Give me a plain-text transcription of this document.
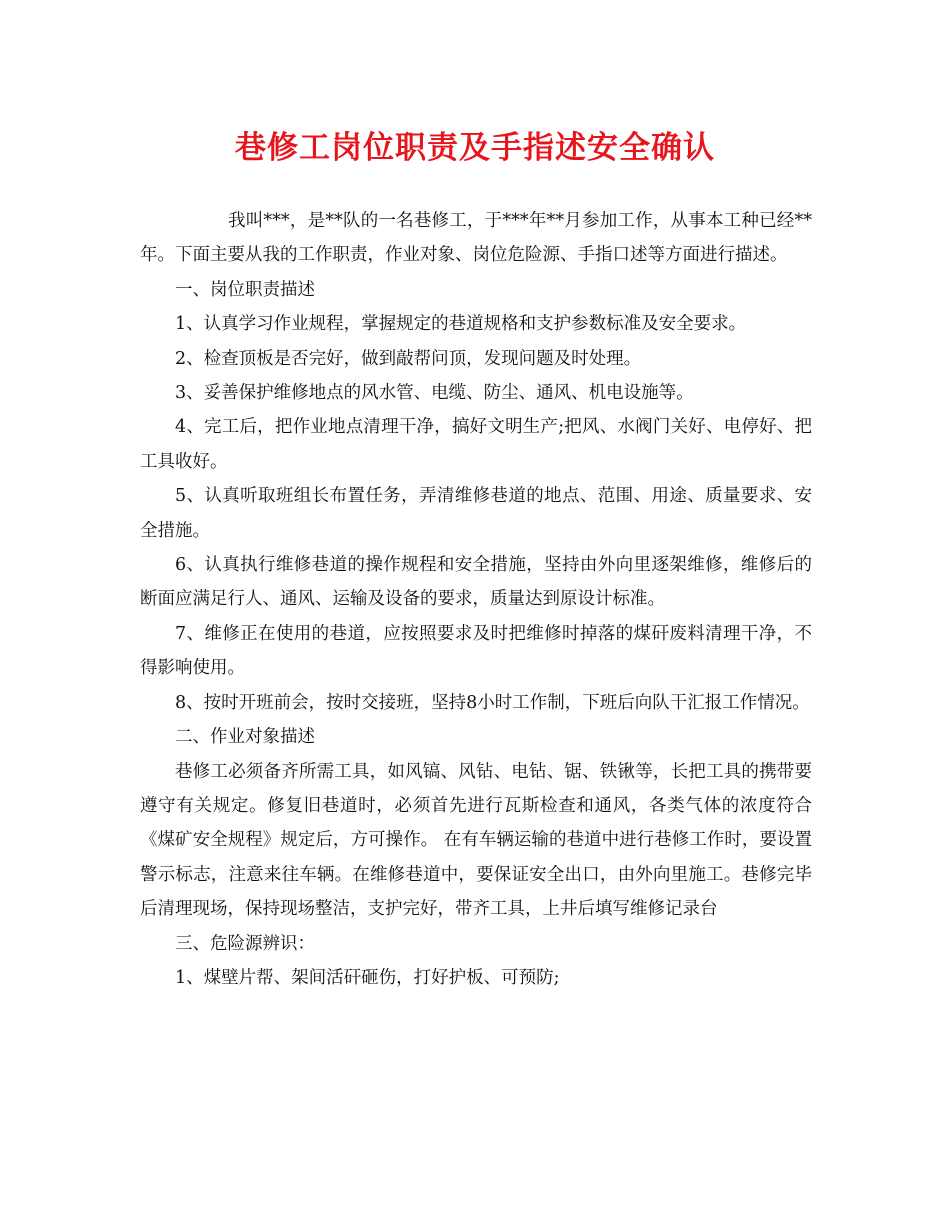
巷修工岗位职责及手指述安全确认

我叫***，是**队的一名巷修工，于***年**月参加工作，从事本工种已经**年。下面主要从我的工作职责，作业对象、岗位危险源、手指口述等方面进行描述。

一、岗位职责描述

1、认真学习作业规程，掌握规定的巷道规格和支护参数标准及安全要求。

2、检查顶板是否完好，做到敲帮问顶，发现问题及时处理。

3、妥善保护维修地点的风水管、电缆、防尘、通风、机电设施等。

4、完工后，把作业地点清理干净，搞好文明生产;把风、水阀门关好、电停好、把工具收好。

5、认真听取班组长布置任务，弄清维修巷道的地点、范围、用途、质量要求、安全措施。

6、认真执行维修巷道的操作规程和安全措施，坚持由外向里逐架维修，维修后的断面应满足行人、通风、运输及设备的要求，质量达到原设计标准。

7、维修正在使用的巷道，应按照要求及时把维修时掉落的煤矸废料清理干净，不得影响使用。

8、按时开班前会，按时交接班，坚持8小时工作制，下班后向队干汇报工作情况。

二、作业对象描述

巷修工必须备齐所需工具，如风镐、风钻、电钻、锯、铁锹等，长把工具的携带要遵守有关规定。修复旧巷道时，必须首先进行瓦斯检查和通风，各类气体的浓度符合《煤矿安全规程》规定后，方可操作。 在有车辆运输的巷道中进行巷修工作时，要设置警示标志，注意来往车辆。在维修巷道中，要保证安全出口，由外向里施工。巷修完毕后清理现场，保持现场整洁，支护完好，带齐工具，上井后填写维修记录台

三、危险源辨识：

1、煤壁片帮、架间活矸砸伤，打好护板、可预防;
